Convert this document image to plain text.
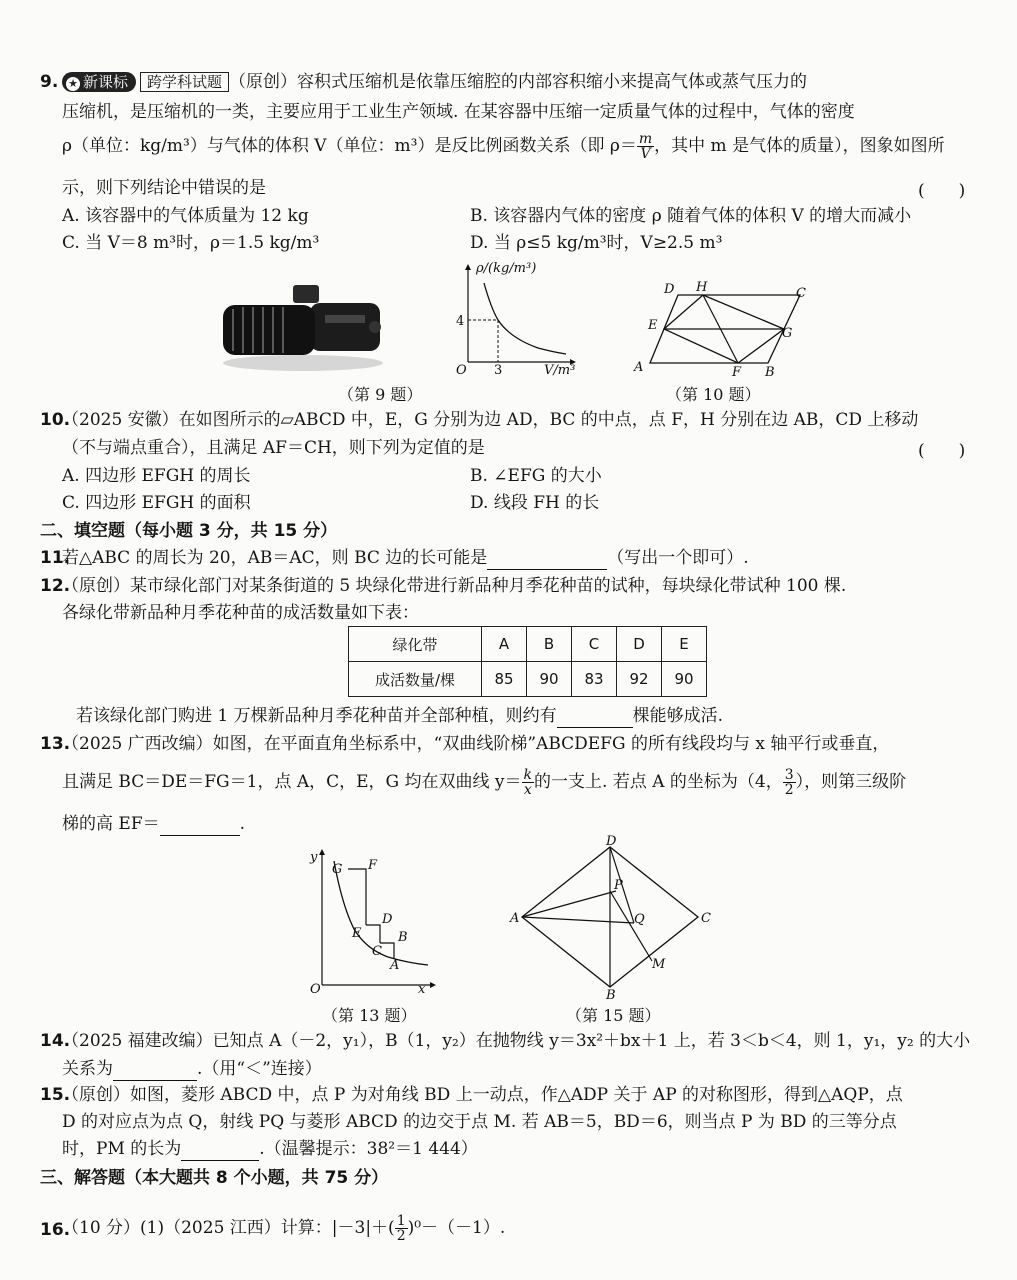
9. ★ 新课标 跨学科试题 （原创）容积式压缩机是依靠压缩腔的内部容积缩小来提高气体或蒸气压力的
压缩机，是压缩机的一类，主要应用于工业生产领域. 在某容器中压缩一定质量气体的过程中，气体的密度
ρ（单位：kg/m³）与气体的体积 V（单位：m³）是反比例函数关系（即 $\rho= \frac{m}{V}$ ，其中 m 是气体的质量），图象如图所
示，则下列结论中错误的是	(　　)
A. 该容器中的气体质量为 12 kg	B. 该容器内气体的密度 ρ 随着气体的体积 V 的增大而减小
C. 当 V＝8 m³时，ρ＝1.5 kg/m³	D. 当 ρ≤5 kg/m³时，V≥2.5 m³
ρ/(kg/m³)
4
3
O	V/m³	A	B
C
D
E
F
G
H
（第 9 题）	（第 10 题）
10.
（2025 安徽）在如图所示的▱ABCD 中，E，G 分别为边 AD，BC 的中点，点 F，H 分别在边 AB，CD 上移动
（不与端点重合），且满足 AF＝CH，则下列为定值的是	(　　)
A. 四边形 EFGH 的周长	B. ∠EFG 的大小
C. 四边形 EFGH 的面积	D. 线段 FH 的长
二、填空题（每小题 3 分，共 15 分）
11.
若△ABC 的周长为 20，AB＝AC，则 BC 边的长可能是	（写出一个即可）.
12.
（原创）某市绿化部门对某条街道的 5 块绿化带进行新品种月季花种苗的试种，每块绿化带试种 100 棵.
各绿化带新品种月季花种苗的成活数量如下表：
绿化带	A	B	C	D	E
成活数量/棵	85	90	83	92	90
若该绿化部门购进 1 万棵新品种月季花种苗并全部种植，则约有	棵能够成活.
13.
（2025 广西改编）如图，在平面直角坐标系中，“双曲线阶梯”ABCDEFG 的所有线段均与 x 轴平行或垂直，
且满足 BC＝DE＝FG＝1，点 A，C，E，G 均在双曲线 $y= \frac{k}{x}$ 的一支上. 若点 A 的坐标为（4， $\frac{3}{2}$ ），则第三级阶
梯的高 EF＝	.
y
x
O
G F
D
E	B
C
A
D
A	C
B
P
Q
M
（第 13 题）	（第 15 题）
14.
（2025 福建改编）已知点 A（－2，y₁），B（1，y₂）在抛物线 y＝3x²＋bx＋1 上，若 3＜b＜4，则 1，y₁，y₂ 的大小
关系为	.（用“＜”连接）
15.
（原创）如图，菱形 ABCD 中，点 P 为对角线 BD 上一动点，作△ADP 关于 AP 的对称图形，得到△AQP，点
D 的对应点为点 Q，射线 PQ 与菱形 ABCD 的边交于点 M. 若 AB＝5，BD＝6，则当点 P 为 BD 的三等分点
时，PM 的长为	.（温馨提示：38²＝1 444）
三、解答题（本大题共 8 个小题，共 75 分）
16.
（10 分）(1)（2025 江西）计算：$|-3|+( \frac{1}{2} )^0-(-1)$.
